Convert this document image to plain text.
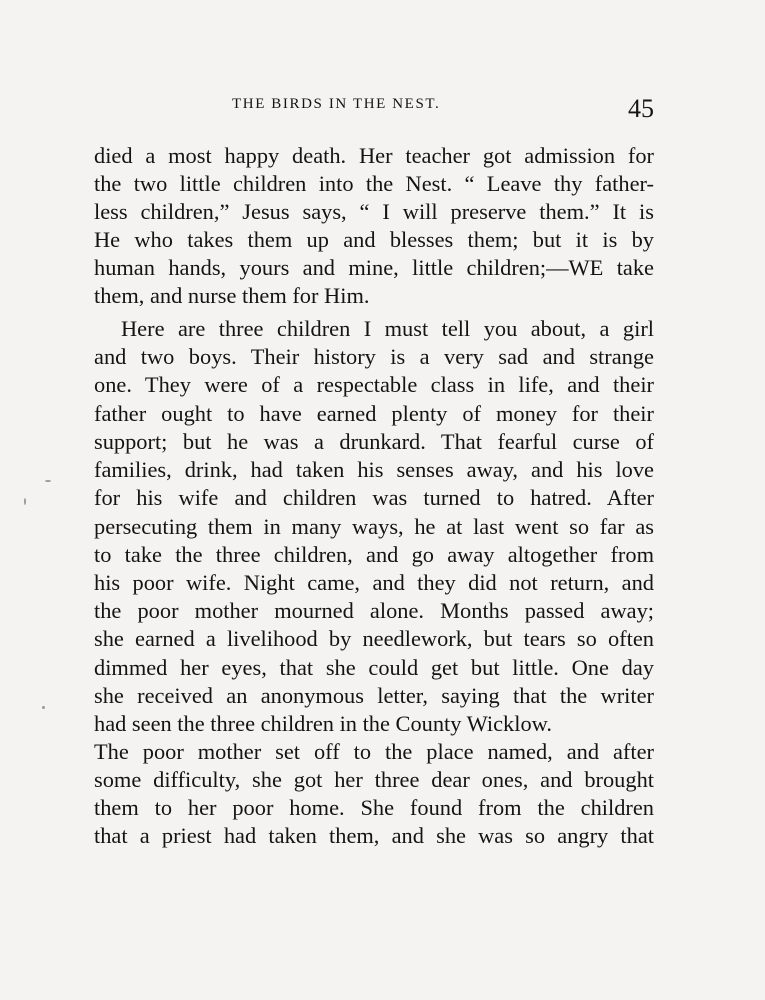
THE BIRDS IN THE NEST.	45
died a most happy death. Her teacher got admission for
the two little children into the Nest. “ Leave thy father-
less children,” Jesus says, “ I will preserve them.” It is
He who takes them up and blesses them; but it is by
human hands, yours and mine, little children;—WE take
them, and nurse them for Him.
Here are three children I must tell you about, a girl
and two boys. Their history is a very sad and strange
one. They were of a respectable class in life, and their
father ought to have earned plenty of money for their
support; but he was a drunkard. That fearful curse of
families, drink, had taken his senses away, and his love
for his wife and children was turned to hatred. After
persecuting them in many ways, he at last went so far as
to take the three children, and go away altogether from
his poor wife. Night came, and they did not return, and
the poor mother mourned alone. Months passed away;
she earned a livelihood by needlework, but tears so often
dimmed her eyes, that she could get but little. One day
she received an anonymous letter, saying that the writer
had seen the three children in the County Wicklow.
The poor mother set off to the place named, and after
some difficulty, she got her three dear ones, and brought
them to her poor home. She found from the children
that a priest had taken them, and she was so angry that
